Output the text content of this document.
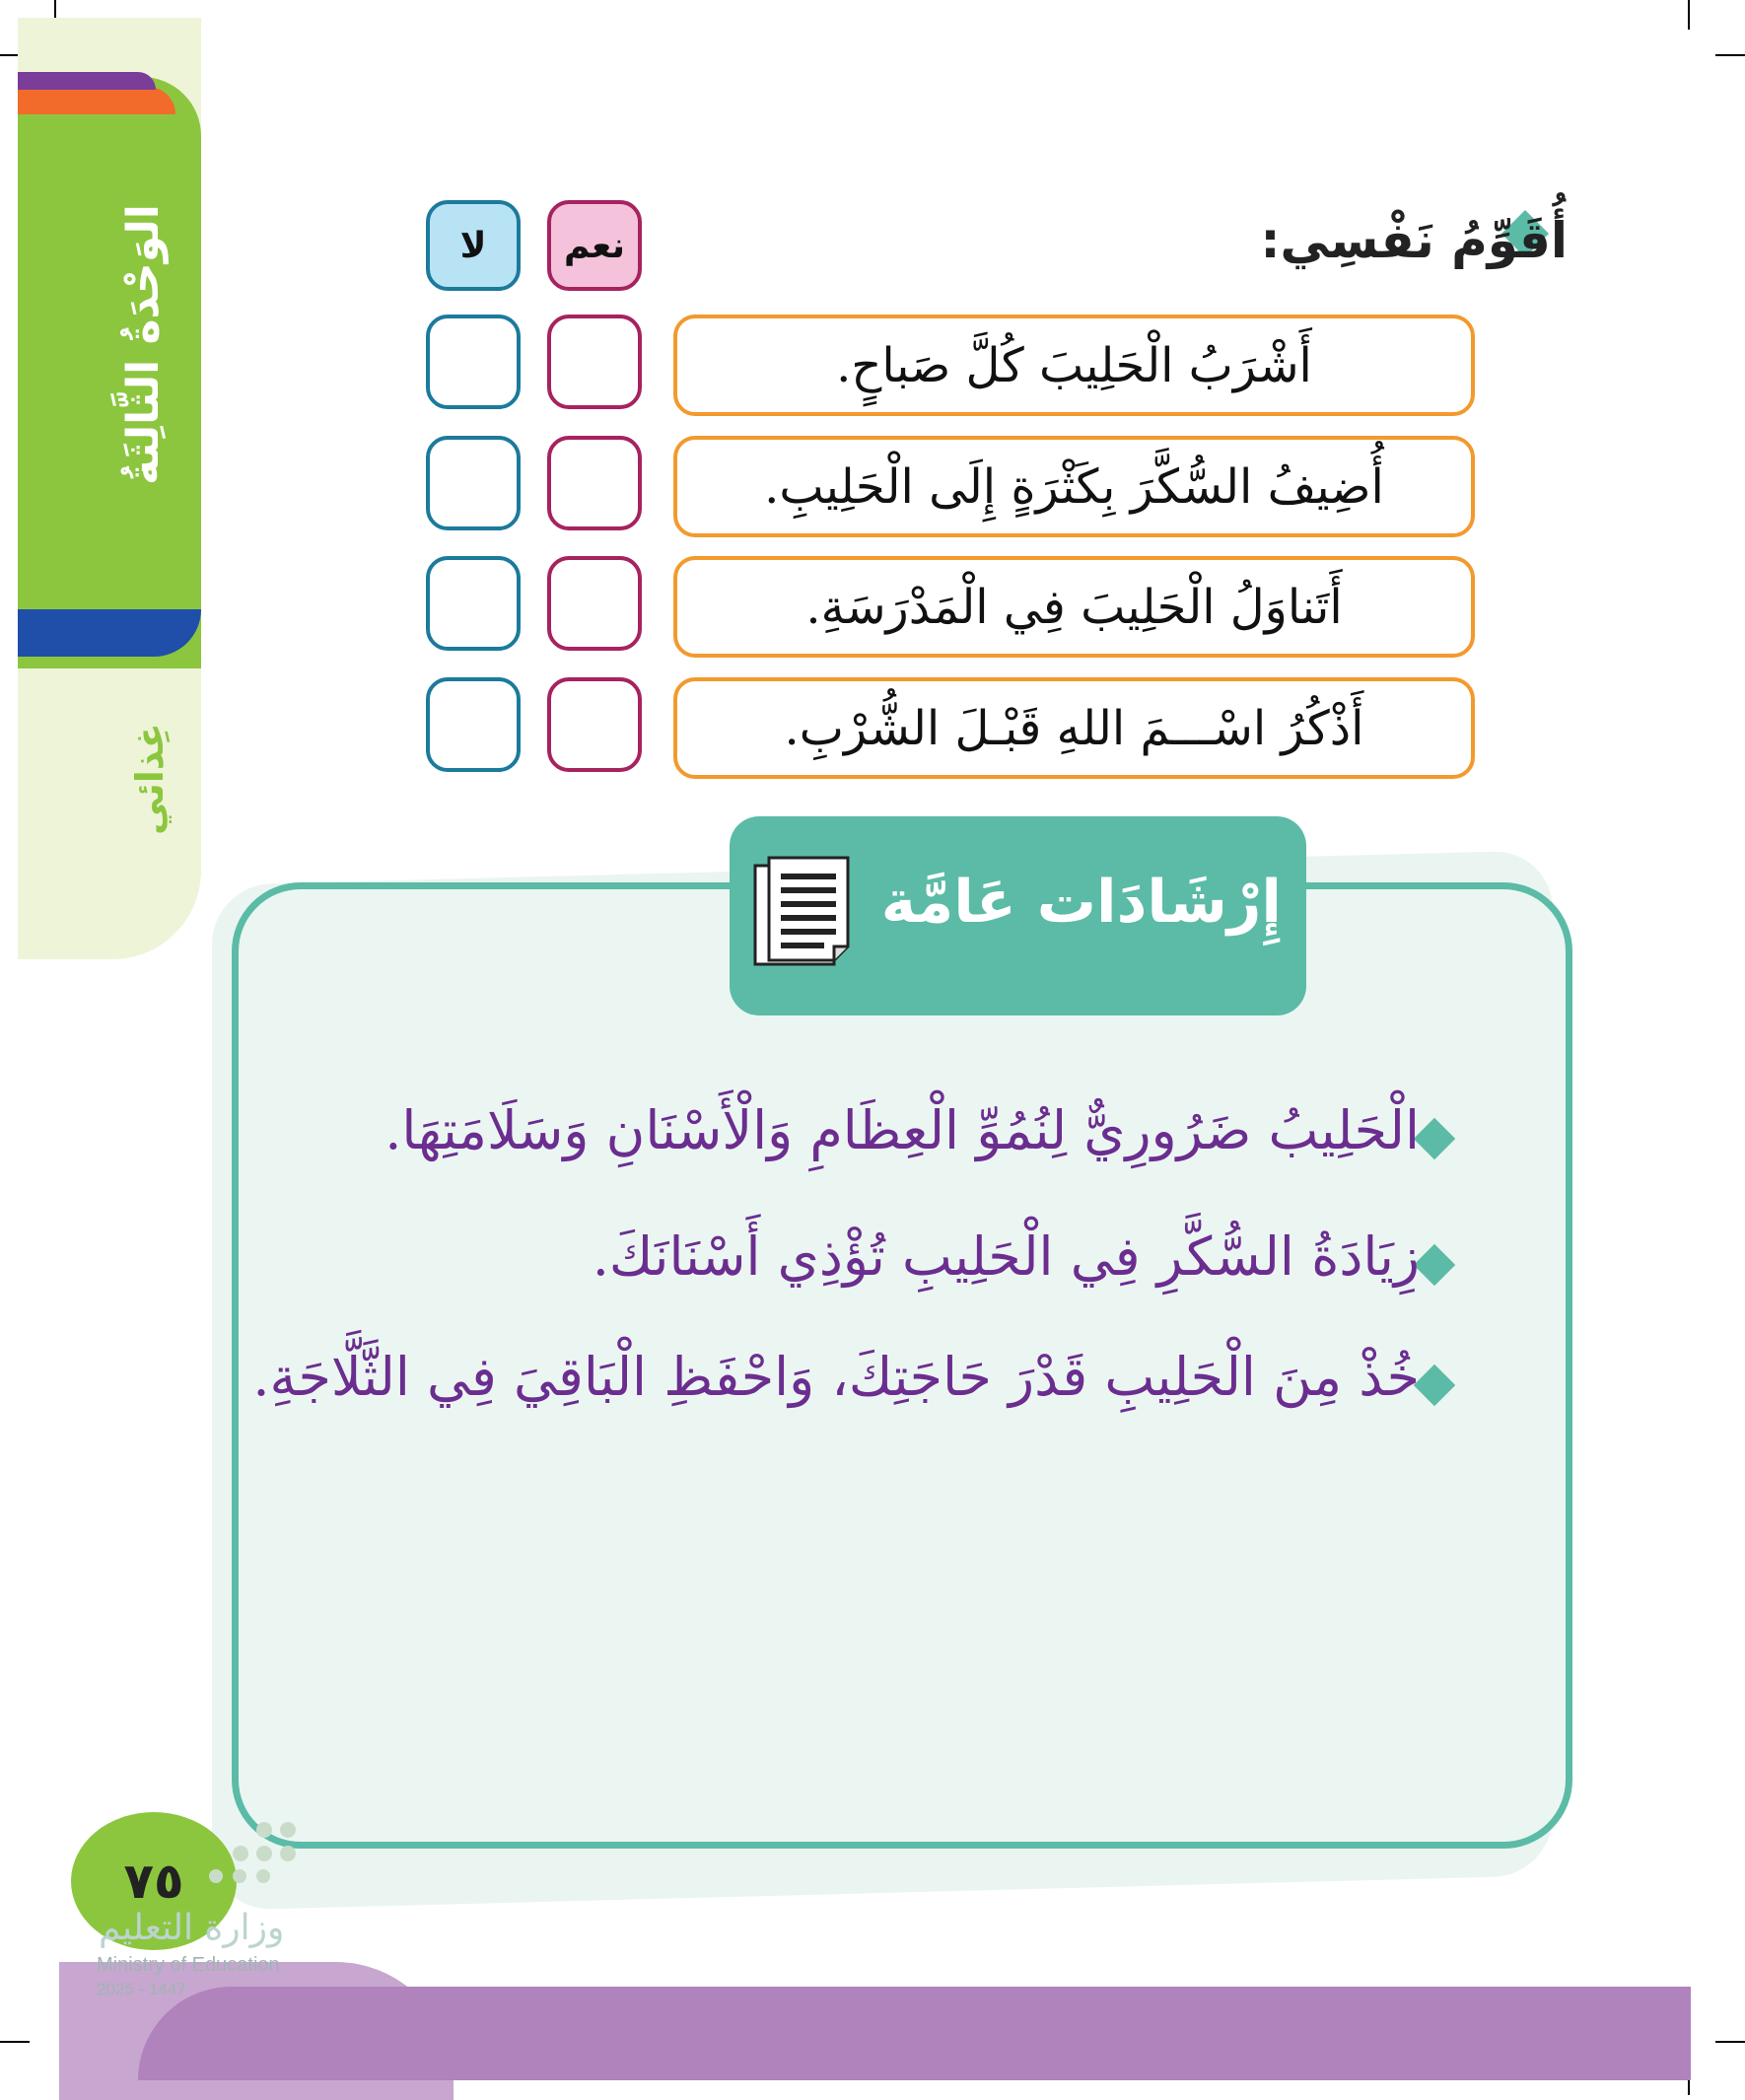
الوَحْدَةُ الثَّالِثَةُ
غِذائي
أُقَوِّمُ نَفْسِي:
نعم
لا
أَشْرَبُ الْحَلِيبَ كُلَّ صَباحٍ.
أُضِيفُ السُّكَّرَ بِكَثْرَةٍ إِلَى الْحَلِيبِ.
أَتَناوَلُ الْحَلِيبَ فِي الْمَدْرَسَةِ.
أَذْكُرُ اسْـــمَ اللهِ قَبْـلَ الشُّرْبِ.
إِرْشَادَات عَامَّة
الْحَلِيبُ ضَرُورِيٌّ لِنُمُوِّ الْعِظَامِ وَالْأَسْنَانِ وَسَلَامَتِهَا.
زِيَادَةُ السُّكَّرِ فِي الْحَلِيبِ تُؤْذِي أَسْنَانَكَ.
خُذْ مِنَ الْحَلِيبِ قَدْرَ حَاجَتِكَ، وَاحْفَظِ الْبَاقِيَ فِي الثَّلَّاجَةِ.
٧٥
وزارة التعليم
Ministry of Education
2025 - 1447
